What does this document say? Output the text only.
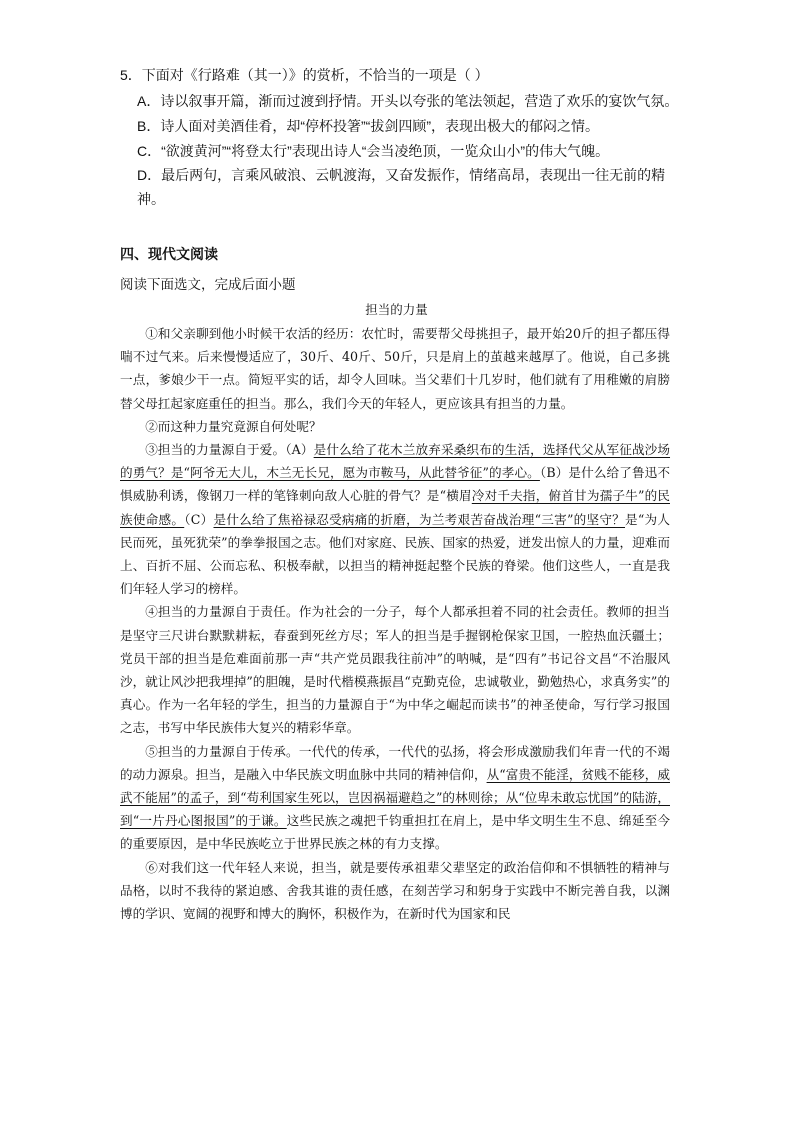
5．下面对《行路难（其一）》的赏析，不恰当的一项是（ ）
A．诗以叙事开篇，渐而过渡到抒情。开头以夸张的笔法领起，营造了欢乐的宴饮气氛。
B．诗人面对美酒佳肴，却“停杯投箸”“拔剑四顾”，表现出极大的郁闷之情。
C．“欲渡黄河”“将登太行”表现出诗人“会当凌绝顶，一览众山小”的伟大气魄。
D．最后两句，言乘风破浪、云帆渡海，又奋发振作，情绪高昂，表现出一往无前的精
神。
四、现代文阅读
阅读下面选文，完成后面小题
担当的力量

①和父亲聊到他小时候干农活的经历：农忙时，需要帮父母挑担子，最开始20斤的担子都压得喘不过气来。后来慢慢适应了，30斤、40斤、50斤，只是肩上的茧越来越厚了。他说，自己多挑一点，爹娘少干一点。简短平实的话，却令人回味。当父辈们十几岁时，他们就有了用稚嫩的肩膀替父母扛起家庭重任的担当。那么，我们今天的年轻人，更应该具有担当的力量。

②而这种力量究竟源自何处呢？

③担当的力量源自于爱。（A）是什么给了花木兰放弃采桑织布的生活，选择代父从军征战沙场的勇气？是“阿爷无大儿，木兰无长兄，愿为市鞍马，从此替爷征”的孝心。（B）是什么给了鲁迅不惧威胁利诱，像钢刀一样的笔锋刺向敌人心脏的骨气？是“横眉冷对千夫指，俯首甘为孺子牛”的民族使命感。（C）是什么给了焦裕禄忍受病痛的折磨，为兰考艰苦奋战治理“三害”的坚守？是“为人民而死，虽死犹荣”的拳拳报国之志。他们对家庭、民族、国家的热爱，迸发出惊人的力量，迎难而上、百折不屈、公而忘私、积极奉献，以担当的精神挺起整个民族的脊梁。他们这些人，一直是我们年轻人学习的榜样。

④担当的力量源自于责任。作为社会的一分子，每个人都承担着不同的社会责任。教师的担当是坚守三尺讲台默默耕耘，春蚕到死丝方尽；军人的担当是手握钢枪保家卫国，一腔热血沃疆土；党员干部的担当是危难面前那一声“共产党员跟我往前冲”的呐喊，是“四有”书记谷文昌“不治服风沙，就让风沙把我埋掉”的胆魄，是时代楷模燕振昌“克勤克俭，忠诚敬业，勤勉热心，求真务实”的真心。作为一名年轻的学生，担当的力量源自于“为中华之崛起而读书”的神圣使命，写行学习报国之志，书写中华民族伟大复兴的精彩华章。

⑤担当的力量源自于传承。一代代的传承，一代代的弘扬，将会形成激励我们年青一代的不竭的动力源泉。担当，是融入中华民族文明血脉中共同的精神信仰，从“富贵不能淫，贫贱不能移，威武不能屈”的孟子，到“苟利国家生死以，岂因祸福避趋之”的林则徐；从“位卑未敢忘忧国”的陆游，到“一片丹心图报国”的于谦。这些民族之魂把千钧重担扛在肩上，是中华文明生生不息、绵延至今的重要原因，是中华民族屹立于世界民族之林的有力支撑。

⑥对我们这一代年轻人来说，担当，就是要传承祖辈父辈坚定的政治信仰和不惧牺牲的精神与品格，以时不我待的紧迫感、舍我其谁的责任感，在刻苦学习和躬身于实践中不断完善自我，以渊博的学识、宽阔的视野和博大的胸怀，积极作为，在新时代为国家和民
